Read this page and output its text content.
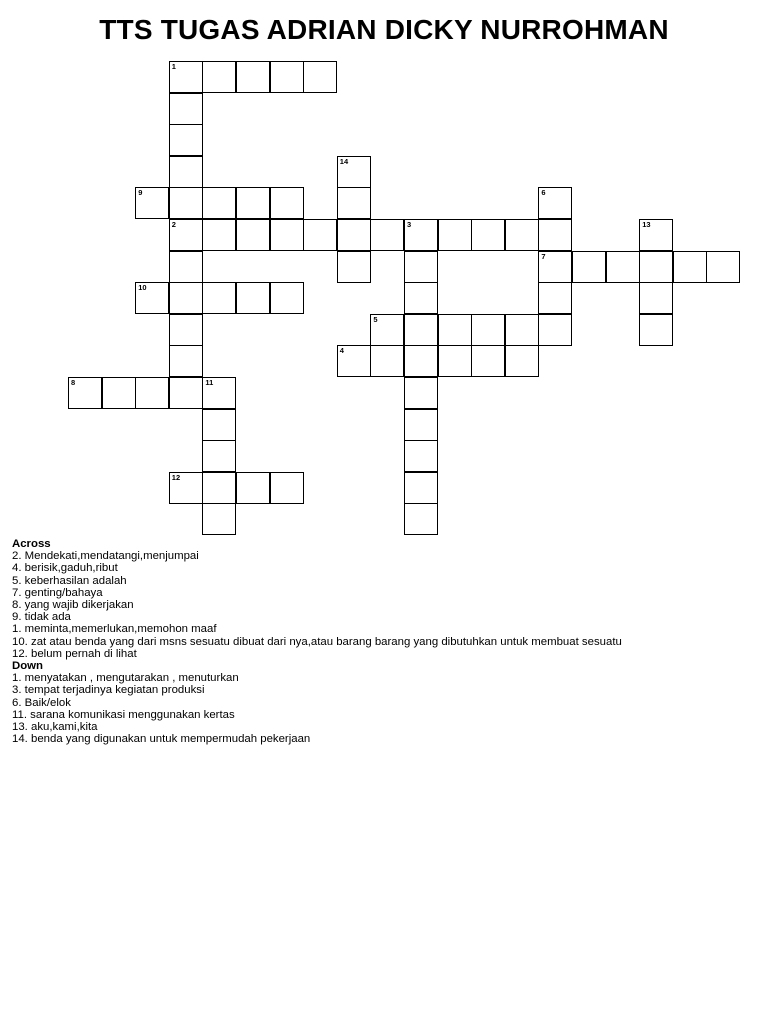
TTS TUGAS ADRIAN DICKY NURROHMAN
1
2
14
9	6
7
3	13
10
5
4
8	11
12
Across
2. Mendekati,mendatangi,menjumpai
4. berisik,gaduh,ribut
5. keberhasilan adalah
7. genting/bahaya
8. yang wajib dikerjakan
9. tidak ada
1. meminta,memerlukan,memohon maaf
10. zat atau benda yang dari msns sesuatu dibuat dari nya,atau barang barang yang dibutuhkan untuk membuat sesuatu
12. belum pernah di lihat
Down
1. menyatakan , mengutarakan , menuturkan
3. tempat terjadinya kegiatan produksi
6. Baik/elok
11. sarana komunikasi menggunakan kertas
13. aku,kami,kita
14. benda yang digunakan untuk mempermudah pekerjaan
